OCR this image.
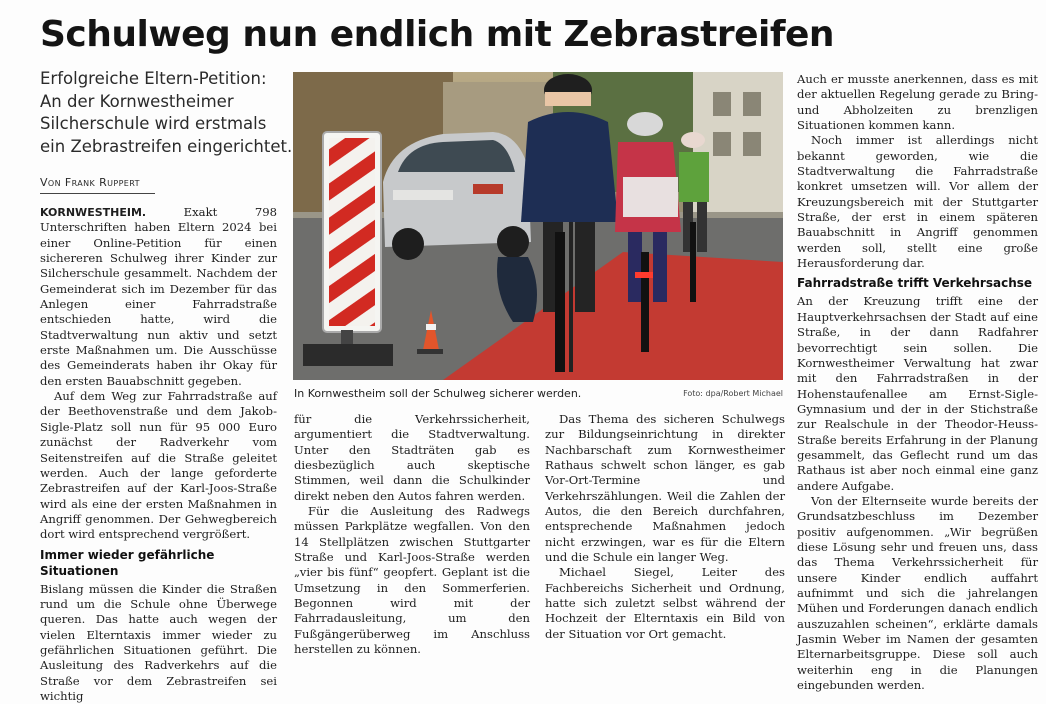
Schulweg nun endlich mit Zebrastreifen
Erfolgreiche Eltern-Petition:
An der Kornwestheimer
Silcherschule wird erstmals
ein Zebrastreifen eingerichtet.
Von Frank Ruppert

KORNWESTHEIM.	Exakt 798 Unterschriften haben Eltern 2024 bei einer Online-Petition für einen sichereren Schulweg ihrer Kinder zur Silcherschule gesammelt. Nachdem der Gemeinderat sich im Dezember für das Anlegen einer Fahrradstraße entschieden hatte, wird die Stadtverwaltung nun aktiv und setzt erste Maßnahmen um. Die Ausschüsse des Gemeinderats haben ihr Okay für den ersten Bauabschnitt gegeben.

Auf dem Weg zur Fahrradstraße auf der Beethovenstraße und dem Jakob-Sigle-Platz soll nun für 95 000 Euro zunächst der Radverkehr vom Seitenstreifen auf die Straße geleitet werden. Auch der lange geforderte Zebrastreifen auf der Karl-Joos-Straße wird als eine der ersten Maßnahmen in Angriff genommen. Der Gehwegbereich dort wird entsprechend vergrößert.

Immer wieder gefährliche Situationen

Bislang müssen die Kinder die Straßen rund um die Schule ohne Überwege queren. Das hatte auch wegen der vielen Elterntaxis immer wieder zu gefährlichen Situationen geführt. Die Ausleitung des Radverkehrs auf die Straße vor dem Zebrastreifen sei wichtig

In Kornwestheim soll der Schulweg sicherer werden.	Foto: dpa/Robert Michael

für die Verkehrssicherheit, argumentiert die Stadtverwaltung. Unter den Stadträten gab es diesbezüglich auch skeptische Stimmen, weil dann die Schulkinder direkt neben den Autos fahren werden.

Für die Ausleitung des Radwegs müssen Parkplätze wegfallen. Von den 14 Stellplätzen zwischen Stuttgarter Straße und Karl-Joos-Straße werden „vier bis fünf“ geopfert. Geplant ist die Umsetzung in den Sommerferien. Begonnen wird mit der Fahrradausleitung, um den Fußgängerüberweg im Anschluss herstellen zu können.

Das Thema des sicheren Schulwegs zur Bildungseinrichtung in direkter Nachbarschaft zum Kornwestheimer Rathaus schwelt schon länger, es gab Vor-Ort-Termine und Verkehrszählungen. Weil die Zahlen der Autos, die den Bereich durchfahren, entsprechende Maßnahmen jedoch nicht erzwingen, war es für die Eltern und die Schule ein langer Weg.

Michael Siegel, Leiter des Fachbereichs Sicherheit und Ordnung, hatte sich zuletzt selbst während der Hochzeit der Elterntaxis ein Bild von der Situation vor Ort gemacht.

Auch er musste anerkennen, dass es mit der aktuellen Regelung gerade zu Bring- und Abholzeiten zu brenzligen Situationen kommen kann.

Noch immer ist allerdings nicht bekannt geworden, wie die Stadtverwaltung die Fahrradstraße konkret umsetzen will. Vor allem der Kreuzungsbereich mit der Stuttgarter Straße, der erst in einem späteren Bauabschnitt in Angriff genommen werden soll, stellt eine große Herausforderung dar.

Fahrradstraße trifft Verkehrsachse

An der Kreuzung trifft eine der Hauptverkehrsachsen der Stadt auf eine Straße, in der dann Radfahrer bevorrechtigt sein sollen. Die Kornwestheimer Verwaltung hat zwar mit den Fahrradstraßen in der Hohenstaufenallee am Ernst-Sigle-Gymnasium und der in der Stichstraße zur Realschule in der Theodor-Heuss-Straße bereits Erfahrung in der Planung gesammelt, das Geflecht rund um das Rathaus ist aber noch einmal eine ganz andere Aufgabe.

Von der Elternseite wurde bereits der Grundsatzbeschluss im Dezember positiv aufgenommen. „Wir begrüßen diese Lösung sehr und freuen uns, dass das Thema Verkehrssicherheit für unsere Kinder endlich auffahrt aufnimmt und sich die jahrelangen Mühen und Forderungen danach endlich auszuzahlen scheinen“, erklärte damals Jasmin Weber im Namen der gesamten Elternarbeitsgruppe. Diese soll auch weiterhin eng in die Planungen eingebunden werden.
